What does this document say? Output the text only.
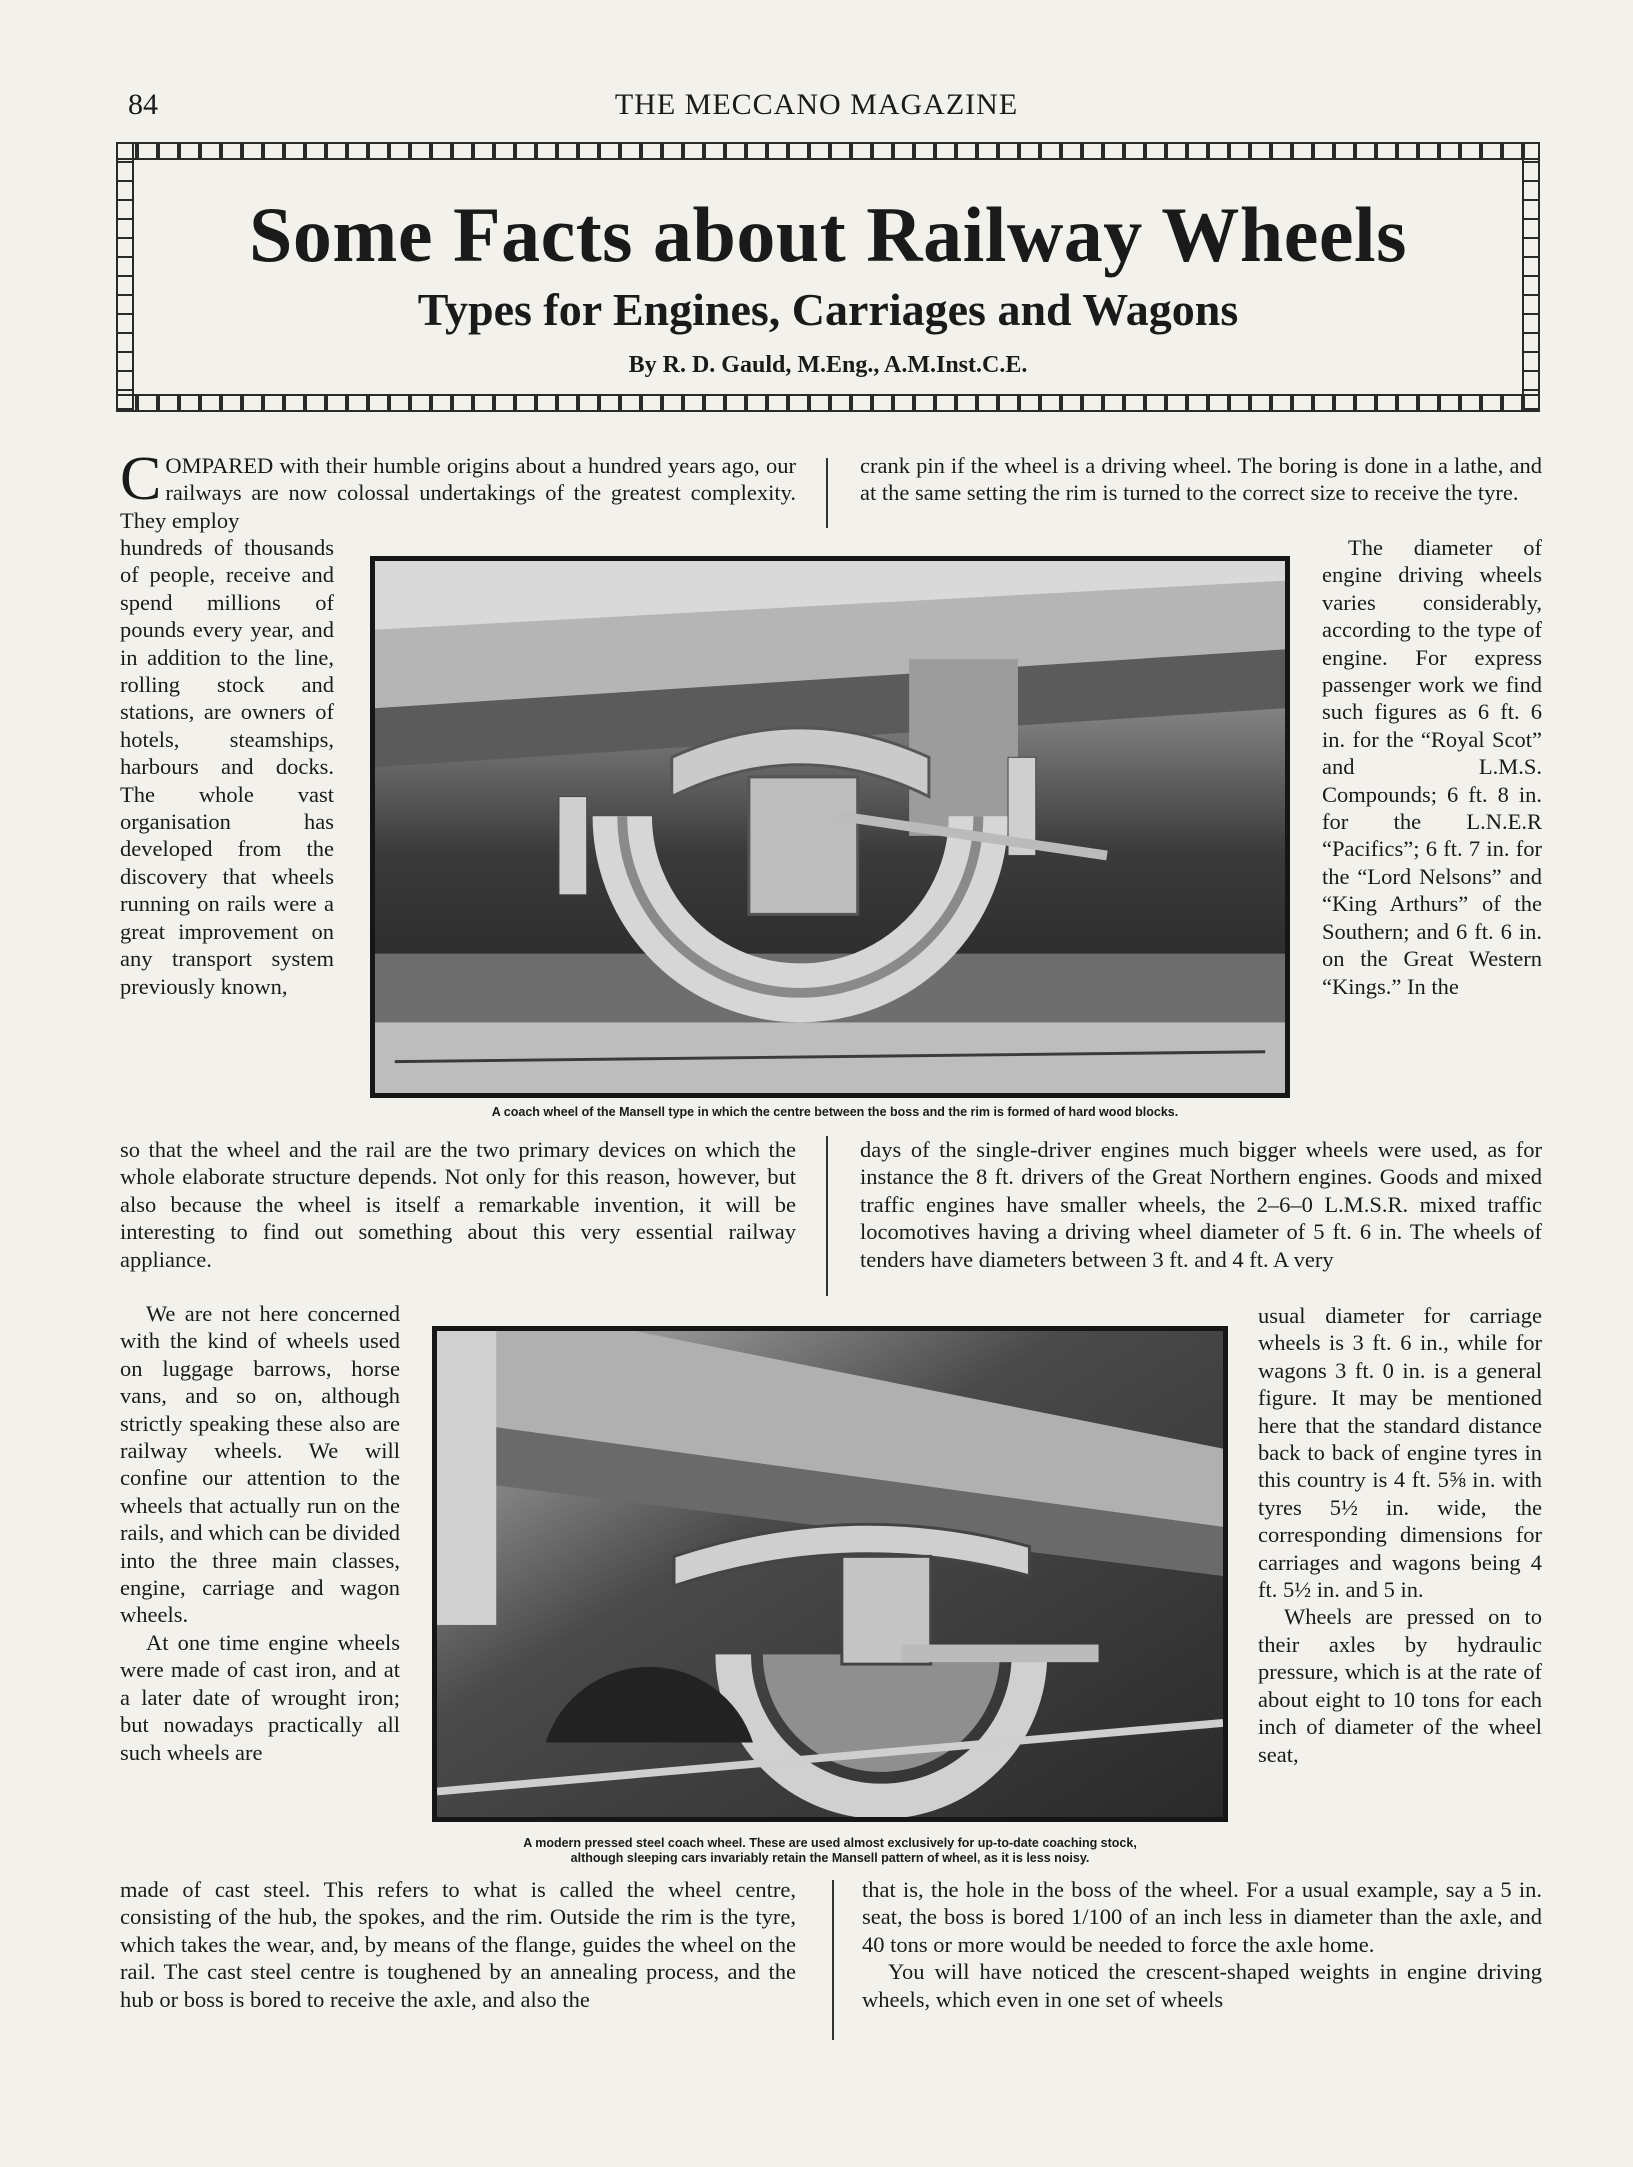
84	THE MECCANO MAGAZINE
Some Facts about Railway Wheels
Types for Engines, Carriages and Wagons
By R. D. Gauld, M.Eng., A.M.Inst.C.E.

COMPARED with their humble origins about a hundred years ago, our railways are now colossal undertakings of the greatest complexity. They employ

hundreds of thousands of people, receive and spend millions of pounds every year, and in addition to the line, rolling stock and stations, are owners of hotels, steamships, harbours and docks. The whole vast organisation has developed from the discovery that wheels running on rails were a great improvement on any transport system previously known,

so that the wheel and the rail are the two primary devices on which the whole elaborate structure depends. Not only for this reason, however, but also because the wheel is itself a remarkable invention, it will be interesting to find out something about this very essential railway appliance.

We are not here concerned with the kind of wheels used on luggage barrows, horse vans, and so on, although strictly speaking these also are railway wheels. We will confine our attention to the wheels that actually run on the rails, and which can be divided into the three main classes, engine, carriage and wagon wheels.

At one time engine wheels were made of cast iron, and at a later date of wrought iron; but nowadays practically all such wheels are

made of cast steel. This refers to what is called the wheel centre, consisting of the hub, the spokes, and the rim. Outside the rim is the tyre, which takes the wear, and, by means of the flange, guides the wheel on the rail. The cast steel centre is toughened by an annealing process, and the hub or boss is bored to receive the axle, and also the

crank pin if the wheel is a driving wheel. The boring is done in a lathe, and at the same setting the rim is turned to the correct size to receive the tyre.

The diameter of engine driving wheels varies considerably, according to the type of engine. For express passenger work we find such figures as 6 ft. 6 in. for the “Royal Scot” and L.M.S. Compounds; 6 ft. 8 in. for the L.N.E.R “Pacifics”; 6 ft. 7 in. for the “Lord Nelsons” and “King Arthurs” of the Southern; and 6 ft. 6 in. on the Great Western “Kings.” In the

days of the single-driver engines much bigger wheels were used, as for instance the 8 ft. drivers of the Great Northern engines. Goods and mixed traffic engines have smaller wheels, the 2–6–0 L.M.S.R. mixed traffic locomotives having a driving wheel diameter of 5 ft. 6 in. The wheels of tenders have diameters between 3 ft. and 4 ft. A very

usual diameter for carriage wheels is 3 ft. 6 in., while for wagons 3 ft. 0 in. is a general figure. It may be mentioned here that the standard distance back to back of engine tyres in this country is 4 ft. 5⅝ in. with tyres 5½ in. wide, the corresponding dimensions for carriages and wagons being 4 ft. 5½ in. and 5 in.

Wheels are pressed on to their axles by hydraulic pressure, which is at the rate of about eight to 10 tons for each inch of diameter of the wheel seat,

that is, the hole in the boss of the wheel. For a usual example, say a 5 in. seat, the boss is bored 1/100 of an inch less in diameter than the axle, and 40 tons or more would be needed to force the axle home.

You will have noticed the crescent-shaped weights in engine driving wheels, which even in one set of wheels

A coach wheel of the Mansell type in which the centre between the boss and the rim is formed of hard wood blocks.
A modern pressed steel coach wheel. These are used almost exclusively for up-to-date coaching stock,
although sleeping cars invariably retain the Mansell pattern of wheel, as it is less noisy.
